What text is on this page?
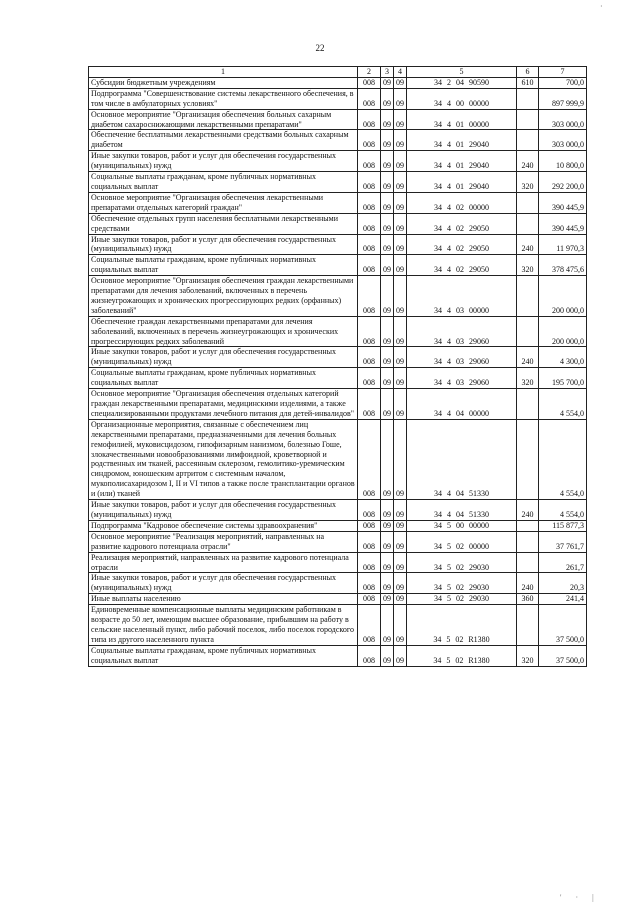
22
·
1	2	3	4	5	6	7
Субсидии бюджетным учреждениям	008	09	09	34 2 04 90590	610	700,0
Подпрограмма "Совершенствование системы лекарственного обеспечения, в том числе в амбулаторных условиях"	008	09	09	34 4 00 00000		897 999,9
Основное мероприятие "Организация обеспечения больных сахарным диабетом сахароснижающими лекарственными препаратами"	008	09	09	34 4 01 00000		303 000,0
Обеспечение бесплатными лекарственными средствами больных сахарным диабетом	008	09	09	34 4 01 29040		303 000,0
Иные закупки товаров, работ и услуг для обеспечения государственных (муниципальных) нужд	008	09	09	34 4 01 29040	240	10 800,0
Социальные выплаты гражданам, кроме публичных нормативных социальных выплат	008	09	09	34 4 01 29040	320	292 200,0
Основное мероприятие "Организация обеспечения лекарственными препаратами отдельных категорий граждан"	008	09	09	34 4 02 00000		390 445,9
Обеспечение отдельных групп населения бесплатными лекарственными средствами	008	09	09	34 4 02 29050		390 445,9
Иные закупки товаров, работ и услуг для обеспечения государственных (муниципальных) нужд	008	09	09	34 4 02 29050	240	11 970,3
Социальные выплаты гражданам, кроме публичных нормативных социальных выплат	008	09	09	34 4 02 29050	320	378 475,6
Основное мероприятие "Организация обеспечения граждан лекарственными препаратами для лечения заболеваний, включенных в перечень жизнеугрожающих и хронических прогрессирующих редких (орфанных) заболеваний"	008	09	09	34 4 03 00000		200 000,0
Обеспечение граждан лекарственными препаратами для лечения заболеваний, включенных в перечень жизнеугрожающих и хронических прогрессирующих редких заболеваний	008	09	09	34 4 03 29060		200 000,0
Иные закупки товаров, работ и услуг для обеспечения государственных (муниципальных) нужд	008	09	09	34 4 03 29060	240	4 300,0
Социальные выплаты гражданам, кроме публичных нормативных социальных выплат	008	09	09	34 4 03 29060	320	195 700,0
Основное мероприятие "Организация обеспечения отдельных категорий граждан лекарственными препаратами, медицинскими изделиями, а также специализированными продуктами лечебного питания для детей-инвалидов"	008	09	09	34 4 04 00000		4 554,0
Организационные мероприятия, связанные с обеспечением лиц лекарственными препаратами, предназначенными для лечения больных гемофилией, муковисцидозом, гипофизарным нанизмом, болезнью Гоше, злокачественными новообразованиями лимфоидной, кроветворной и родственных им тканей, рассеянным склерозом, гемолитико-уремическим синдромом, юношеским артритом с системным началом, мукополисахаридозом I, II и VI типов а также после трансплантации органов и (или) тканей	008	09	09	34 4 04 51330		4 554,0
Иные закупки товаров, работ и услуг для обеспечения государственных (муниципальных) нужд	008	09	09	34 4 04 51330	240	4 554,0
Подпрограмма "Кадровое обеспечение системы здравоохранения"	008	09	09	34 5 00 00000		115 877,3
Основное мероприятие "Реализация мероприятий, направленных на развитие кадрового потенциала отрасли"	008	09	09	34 5 02 00000		37 761,7
Реализация мероприятий, направленных на развитие кадрового потенциала отрасли	008	09	09	34 5 02 29030		261,7
Иные закупки товаров, работ и услуг для обеспечения государственных (муниципальных) нужд	008	09	09	34 5 02 29030	240	20,3
Иные выплаты населению	008	09	09	34 5 02 29030	360	241,4
Единовременные компенсационные выплаты медицинским работникам в возрасте до 50 лет, имеющим высшее образование, прибывшим на работу в сельские населенный пункт, либо рабочий поселок, либо поселок городского типа из другого населенного пункта	008	09	09	34 5 02 R1380		37 500,0
Социальные выплаты гражданам, кроме публичных нормативных социальных выплат	008	09	09	34 5 02 R1380	320	37 500,0
' · |
